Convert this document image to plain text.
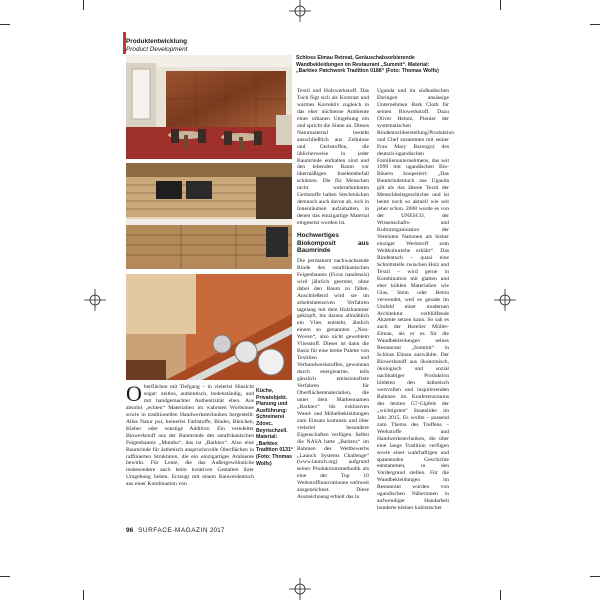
Produktentwicklung
Product Development
Schloss Elmau Retreat, Geräuschabsorbierende Wandbekleidungen im Restaurant „Summit“. Material: „Barktex Patchwork Tradition 0188“ (Foto: Thomas Wolfs)

Oberflächen mit Tiefgang – in vielerlei Hinsicht sogar: zeitlos, authentisch, bodenständig, und mit handgemachter Authentizität eben. Aus absolut „echten“ Materialien im wahrsten Worbsinne sowie in traditionellen Handwerkstechniken hergestellt. Alles Natur pur, keinerlei Farbstoffe, Binder, Bleichen, Kleber oder sonstige Additive. Ein veredelter Biowerkstoff aus der Baumrinde des ostafrikanischen Feigenbaums „Mutuba“, das ist „Barktex“. Also eine Baumrinde für ästhetisch anspruchsvolle Oberflächen in raffinierten Strukturen, die ein einzigartiges Ambiente bewirkt. Für Leute, die das Außergewöhnliche insbesondere auch beim kreativen Gestalten ihrer Umgebung lieben. Erzeugt mit einem Bauwerdentuch aus einer Kombination von

Küche, Privatobjekt. Planung und Ausführung: Schreinerei Zdovc, Beyrischzell. Material: „Barktex Tradition 0131“ (Foto: Thomas Wolfs)

Textil und Holzwerkstoff. Das Tuch fügt sich als Kontrast und warmes Korrektiv zugleich in das eher nüchterne Ambiente einer urbanen Umgebung ein und spricht die Sinne an. Dieses Naturmaterial besteht ausschließlich aus Zellulose und Gerbstoffen, die üblicherweise in jeder Baumrinde enthalten sind und den lebenden Baum vor übermäßigen Insektenbefall schützen. Die für Menschen nicht wahrnehmbaren Gerbstoffe halten Stechmücken demnach auch davon ab, sich in Innenräumen aufzuhalten, in denen das einzigartige Material eingesetzt worden ist.

Hochwertiges Biokomposit aus Baumrinde

Die permanent nachwachsende Rinde des ostafrikanischen Feigenbaums (Ficus natalensis) wird jährlich geerntet, ohne dabei den Baum zu fällen. Anschließend wird sie im arbeitsintensiven Verfahren tagelang mit dem Holzhammer geklopft, bis daraus allmählich ein Vlies entsteht, ähnlich einem so genannten „Non-Woven“, also nicht gewebtem Vliesstoff. Dieser ist dann die Basis für eine breite Palette von Textilien und Verbundwerkstoffen, gewonnen durch energiearme, teils gänzlich emissionsfreie Verfahren für Oberflächenmaterialien, die unter dem Markennamen „Barktex“ bis exklusiven Wand- und Möbelbekleidungen zum Einsatz kommen und über vielerlei besondere Eigenschaften verfügen. Selbst die NASA hatte „Barktex“ im Rahmen des Wettbewerbs „Launch Systems Challenge“ (www.launch.org) aufgrund seiner Produktionsmethodik als eine der Top 10 Werkstoffinnovationen weltweit ausgezeichnet. Diese Auszeichnung erhielt das in

Uganda und im südbadischen Ebringen ansässige Unternehmen Bark Cloth für seinen Biowerkstoff. Dazu Oliver Heintz, Pionier der systematischen Rindentuchherstellung/Produktion und Chef zusammen mit seiner Frau Mary Barongo) des deutsch-ugandischen Familienunternehmens, das seit 1999 mit ugandischen Bio-Bäuern kooperiert: „Das Baumrindentuch aus Uganda gilt als das älteste Textil der Menschheitsgeschichte und ist heute noch so aktuell wie seit jeher schon. 2008 wurde es von der UNESCO, der Wissenschafts- und Kulturorganisation der Vereinten Nationen als bisher einziger Werkstoff zum Weltkulturerbe erklärt“. Das Rindentuch – quasi eine Schnittstelle zwischen Holz und Textil – wird gerne in Kombination mit glatten und eher kühlen Materialien wie Glas, Stein oder Beton verwendet, weil es gerade im Umfeld einer modernen Architektur verblüffende Akzente setzen kann. So sah es auch der Hotelier Müller-Elmau, als er es für die Wandbekleidungen seines Restaurant „Summit“ in Schloss Elmau auswählte. Der Biowerkstoff aus ökonomisch, ökologisch und sozial nachhaltiger Produktion bildeten den ästhetisch wertvollen und inspirierenden Rahmen im Konferenzraums des letzten G7-Gipfels der „wichtigsten“ Staatslider im Jahr 2015. Es wollte – passend zum Thema des Treffens – Werkstoffe und Handwerkstechniken, die über eine lange Tradition verfügen sowie einer wahrhaftigen und spannenden Geschichte entstammen, in den Vordergrund stellen. Für die Wandbekleidungen im Restaurant wurden von ugandischen Näherinnen in aufwendiger Handarbeit hunderte kleiner kubistischer

96 SURFACE-MAGAZIN 2017
